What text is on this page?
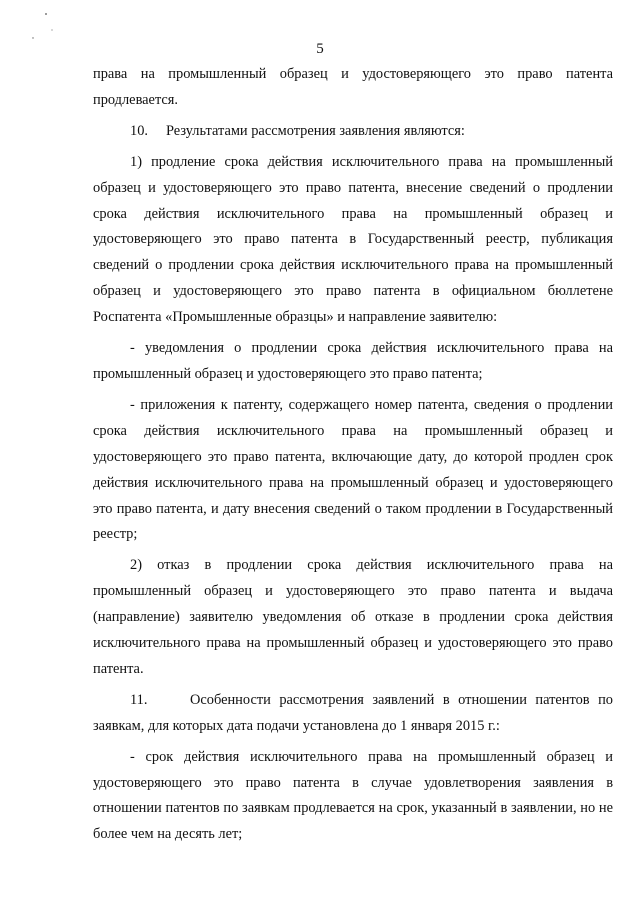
5

права на промышленный образец и удостоверяющего это право патента продлевается.

10.     Результатами рассмотрения заявления являются:

1) продление срока действия исключительного права на промышленный образец и удостоверяющего это право патента, внесение сведений о продлении срока действия исключительного права на промышленный образец и удостоверяющего это право патента в Государственный реестр, публикация сведений о продлении срока действия исключительного права на промышленный образец и удостоверяющего это право патента в официальном бюллетене Роспатента «Промышленные образцы» и направление заявителю:

- уведомления о продлении срока действия исключительного права на промышленный образец и удостоверяющего это право патента;

- приложения к патенту, содержащего номер патента, сведения о продлении срока действия исключительного права на промышленный образец и удостоверяющего это право патента, включающие дату, до которой продлен срок действия исключительного права на промышленный образец и удостоверяющего это право патента, и дату внесения сведений о таком продлении в Государственный реестр;

2) отказ в продлении срока действия исключительного права на промышленный образец и удостоверяющего это право патента и выдача (направление) заявителю уведомления об отказе в продлении срока действия исключительного права на промышленный образец и удостоверяющего это право патента.

11.     Особенности рассмотрения заявлений в отношении патентов по заявкам, для которых дата подачи установлена до 1 января 2015 г.:

- срок действия исключительного права на промышленный образец и удостоверяющего это право патента в случае удовлетворения заявления в отношении патентов по заявкам продлевается на срок, указанный в заявлении, но не более чем на десять лет;
